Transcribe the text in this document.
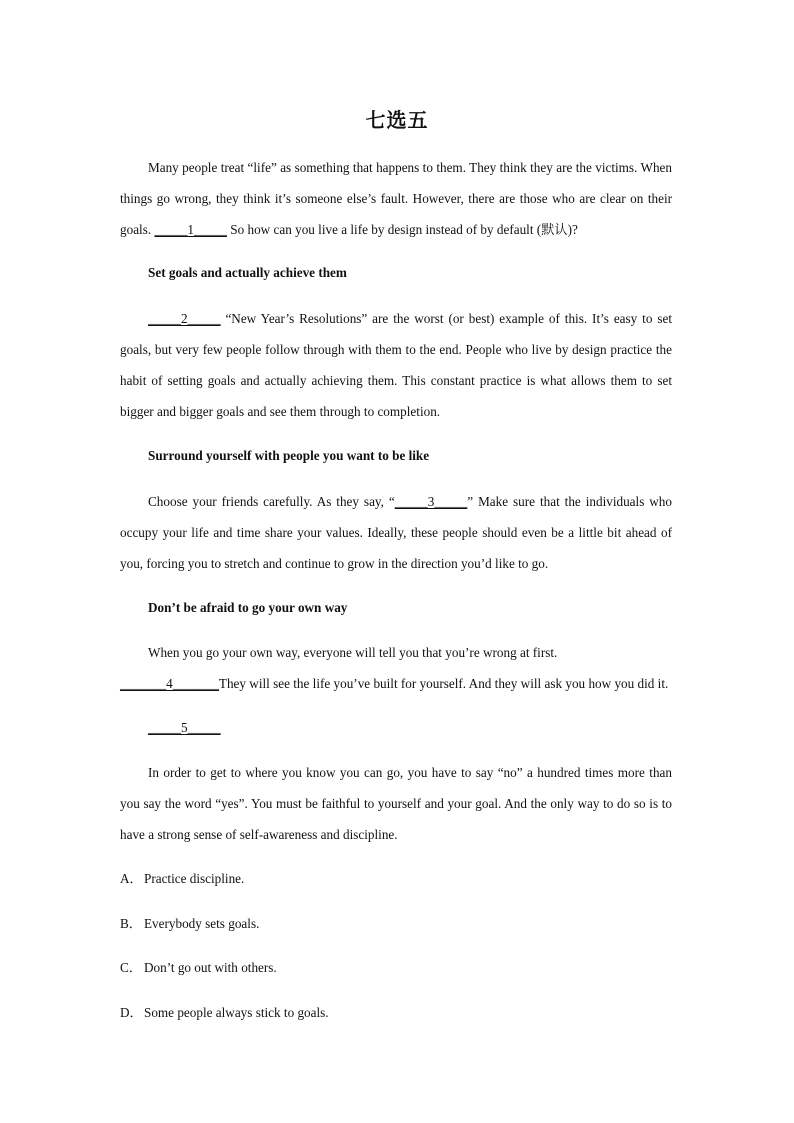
七选五

Many people treat “life” as something that happens to them. They think they are the victims. When things go wrong, they think it’s someone else’s fault. However, there are those who are clear on their goals. _____1_____ So how can you live a life by design instead of by default (默认)?

Set goals and actually achieve them

_____2_____ “New Year’s Resolutions” are the worst (or best) example of this. It’s easy to set goals, but very few people follow through with them to the end. People who live by design practice the habit of setting goals and actually achieving them. This constant practice is what allows them to set bigger and bigger goals and see them through to completion.

Surround yourself with people you want to be like

Choose your friends carefully. As they say, “_____3_____” Make sure that the individuals who occupy your life and time share your values. Ideally, these people should even be a little bit ahead of you, forcing you to stretch and continue to grow in the direction you’d like to go.

Don’t be afraid to go your own way

When you go your own way, everyone will tell you that you’re wrong at first.
_______4_______They will see the life you’ve built for yourself. And they will ask you how you did it.

_____5_____

In order to get to where you know you can go, you have to say “no” a hundred times more than you say the word “yes”. You must be faithful to yourself and your goal. And the only way to do so is to have a strong sense of self-awareness and discipline.

A．Practice discipline.

B． Everybody sets goals.

C． Don’t go out with others.

D．Some people always stick to goals.
